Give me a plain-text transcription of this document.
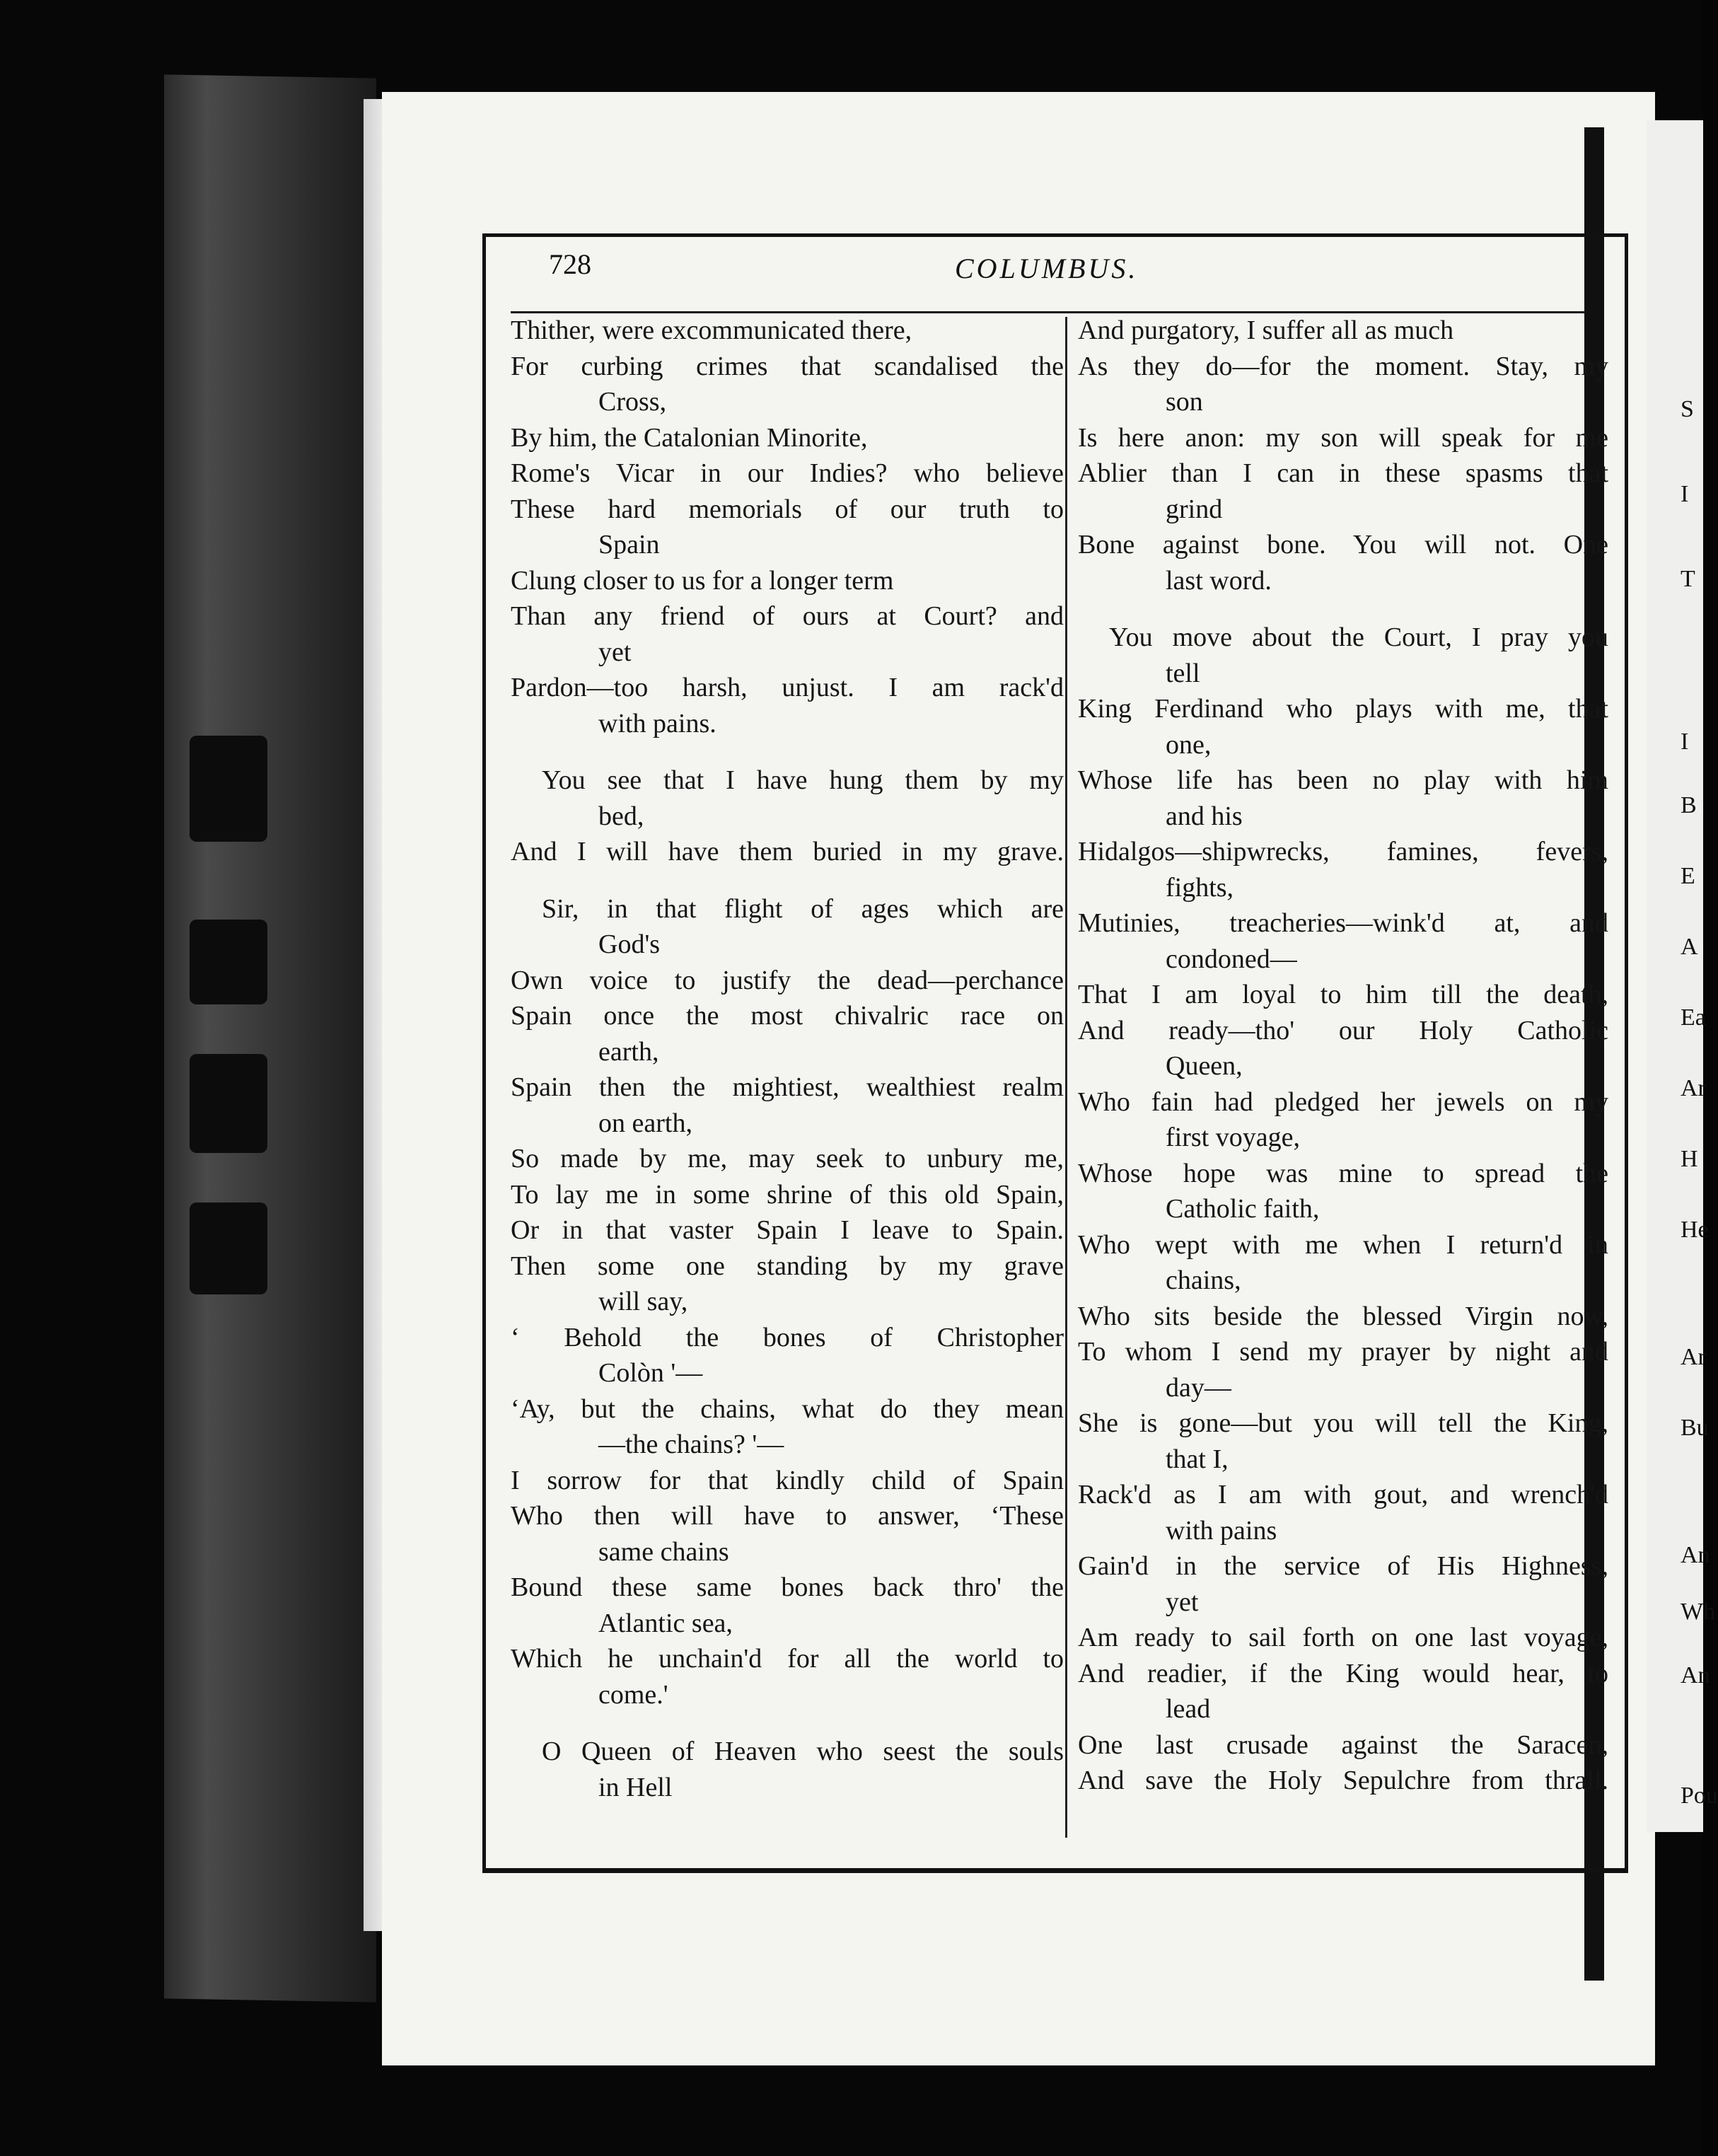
728	COLUMBUS.

Thither, were excommunicated there,

For curbing crimes that scandalised the

Cross,

By him, the Catalonian Minorite,

Rome's Vicar in our Indies? who believe

These hard memorials of our truth to

Spain

Clung closer to us for a longer term

Than any friend of ours at Court? and

yet

Pardon—too harsh, unjust. I am rack'd

with pains.

You see that I have hung them by my

bed,

And I will have them buried in my grave.

Sir, in that flight of ages which are

God's

Own voice to justify the dead—perchance

Spain once the most chivalric race on

earth,

Spain then the mightiest, wealthiest realm

on earth,

So made by me, may seek to unbury me,

To lay me in some shrine of this old Spain,

Or in that vaster Spain I leave to Spain.

Then some one standing by my grave

will say,

‘ Behold the bones of Christopher

Colòn '—

‘Ay, but the chains, what do they mean

—the chains? '—

I sorrow for that kindly child of Spain

Who then will have to answer, ‘These

same chains

Bound these same bones back thro' the

Atlantic sea,

Which he unchain'd for all the world to

come.'

O Queen of Heaven who seest the souls

in Hell

And purgatory, I suffer all as much

As they do—for the moment. Stay, my

son

Is here anon: my son will speak for me

Ablier than I can in these spasms that

grind

Bone against bone. You will not. One

last word.

You move about the Court, I pray you

tell

King Ferdinand who plays with me, that

one,

Whose life has been no play with him

and his

Hidalgos—shipwrecks, famines, fevers,

fights,

Mutinies, treacheries—wink'd at, and

condoned—

That I am loyal to him till the death,

And ready—tho' our Holy Catholic

Queen,

Who fain had pledged her jewels on my

first voyage,

Whose hope was mine to spread the

Catholic faith,

Who wept with me when I return'd in

chains,

Who sits beside the blessed Virgin now,

To whom I send my prayer by night and

day—

She is gone—but you will tell the King,

that I,

Rack'd as I am with gout, and wrench'd

with pains

Gain'd in the service of His Highness,

yet

Am ready to sail forth on one last voyage,

And readier, if the King would hear, to

lead

One last crusade against the Saracen,

And save the Holy Sepulchre from thrall.

S
I
T
I
B
E
A
Ea
Ar
H
He
Ar
Bu
An
Wh
An
Pou
